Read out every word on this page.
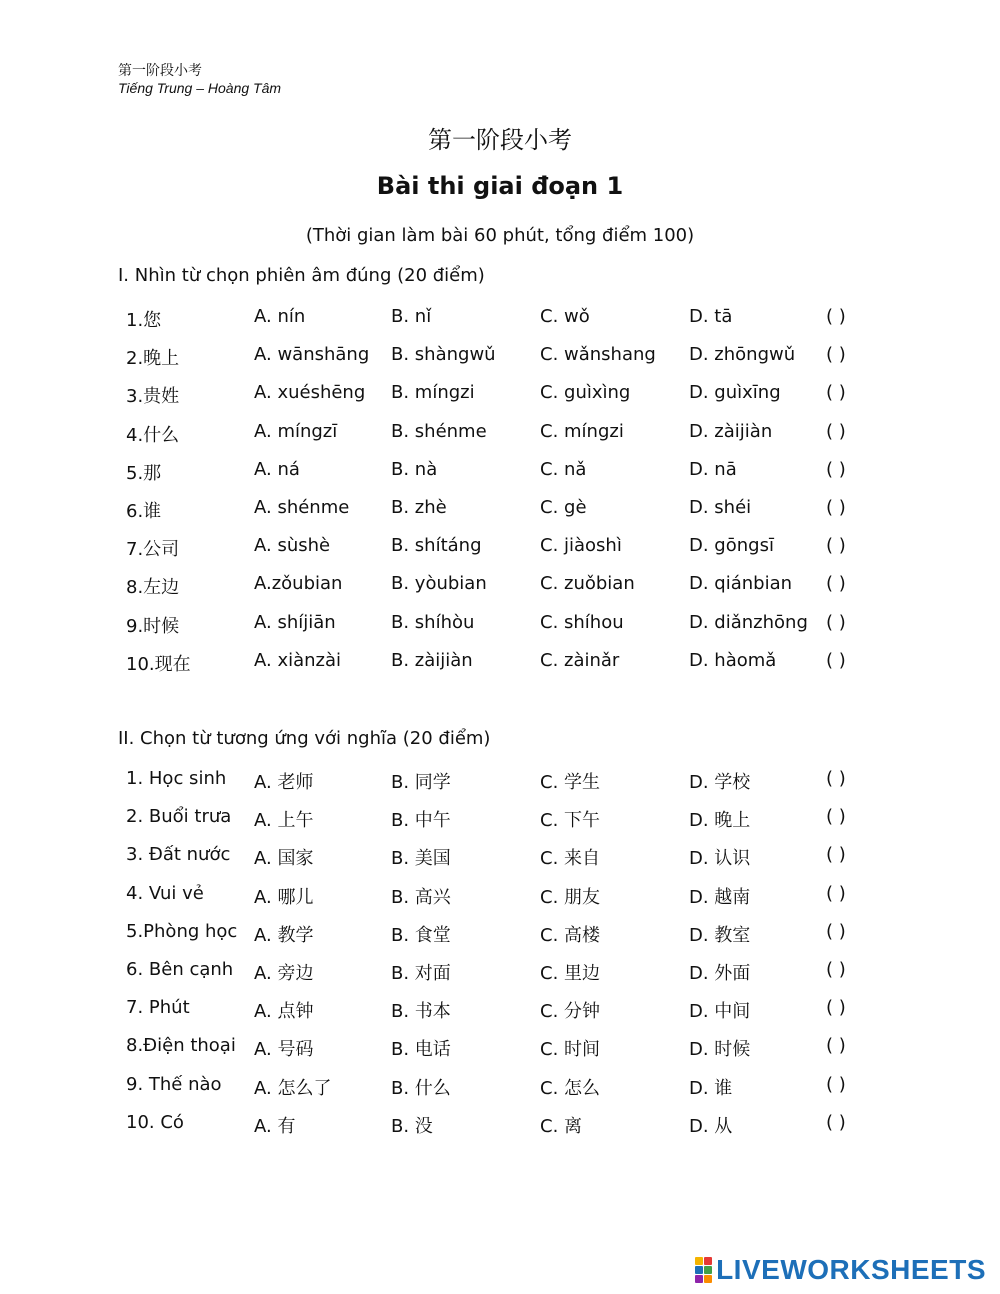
第一阶段小考
Tiếng Trung – Hoàng Tâm
第一阶段小考
Bài thi giai đoạn 1
(Thời gian làm bài 60 phút, tổng điểm 100)
I. Nhìn từ chọn phiên âm đúng (20 điểm)
1.您	A. nín	B. nǐ	C. wǒ	D. tā	( )
2.晚上	A. wānshāng B. shàngwǔ C. wǎnshang D. zhōngwǔ ( )
3.贵姓	A. xuéshēng B. míngzi	C. guìxìng	D. guìxīng	( )
4.什么	A. míngzī	B. shénme	C. míngzi	D. zàijiàn	( )
5.那	A. ná	B. nà	C. nǎ	D. nā	( )
6.谁	A. shénme B. zhè	C. gè	D. shéi	( )
7.公司	A. sùshè	B. shítáng	C. jiàoshì	D. gōngsī	( )
8.左边	A.zǒubian	B. yòubian	C. zuǒbian	D. qiánbian ( )
9.时候	A. shíjiān	B. shíhòu	C. shíhou	D. diǎnzhōng ( )
10.现在	A. xiànzài	B. zàijiàn	C. zàinǎr	D. hàomǎ	( )
II. Chọn từ tương ứng với nghĩa (20 điểm)
1. Học sinh A. 老师	B. 同学	C. 学生	D. 学校	( )
2. Buổi trưa A. 上午	B. 中午	C. 下午	D. 晚上	( )
3. Đất nước A. 国家	B. 美国	C. 来自	D. 认识	( )
4. Vui vẻ	A. 哪儿	B. 高兴	C. 朋友	D. 越南	( )
5.Phòng học A. 教学	B. 食堂	C. 高楼	D. 教室	( )
6. Bên cạnh A. 旁边	B. 对面	C. 里边	D. 外面	( )
7. Phút	A. 点钟	B. 书本	C. 分钟	D. 中间	( )
8.Điện thoại A. 号码	B. 电话	C. 时间	D. 时候	( )
9. Thế nào A. 怎么了	B. 什么	C. 怎么	D. 谁	( )
10. Có	A. 有	B. 没	C. 离	D. 从	( )
LIVEWORKSHEETS
